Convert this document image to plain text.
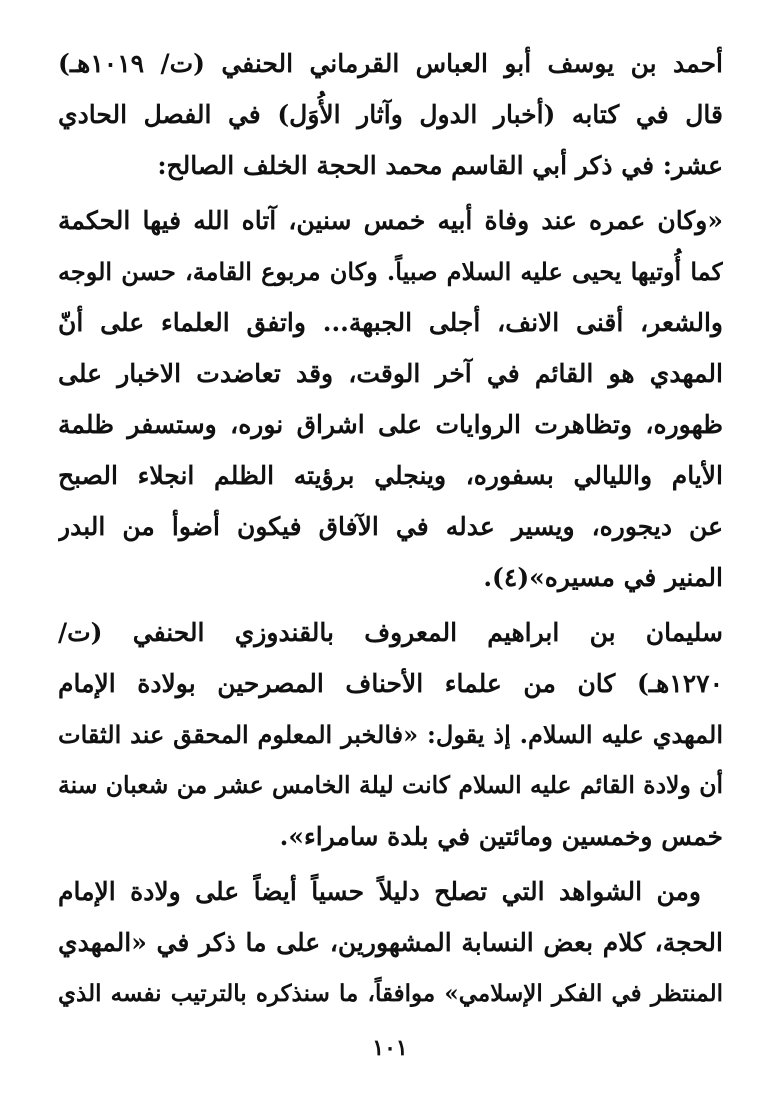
أحمد بن يوسف أبو العباس القرماني الحنفي (ت/ ١٠١٩هـ)
قال في كتابه (أخبار الدول وآثار الأُوَل) في الفصل الحادي
عشر: في ذكر أبي القاسم محمد الحجة الخلف الصالح:
«وكان عمره عند وفاة أبيه خمس سنين، آتاه الله فيها الحكمة
كما أُوتيها يحيى عليه السلام صبياً. وكان مربوع القامة، حسن الوجه
والشعر، أقنى الانف، أجلى الجبهة... واتفق العلماء على أنّ
المهدي هو القائم في آخر الوقت، وقد تعاضدت الاخبار على
ظهوره، وتظاهرت الروايات على اشراق نوره، وستسفر ظلمة
الأيام والليالي بسفوره، وينجلي برؤيته الظلم انجلاء الصبح
عن ديجوره، ويسير عدله في الآفاق فيكون أضوأ من البدر
المنير في مسيره»(٤).
سليمان بن ابراهيم المعروف بالقندوزي الحنفي (ت/
١٢٧٠هـ) كان من علماء الأحناف المصرحين بولادة الإمام
المهدي عليه السلام. إذ يقول: «فالخبر المعلوم المحقق عند الثقات
أن ولادة القائم عليه السلام كانت ليلة الخامس عشر من شعبان سنة
خمس وخمسين ومائتين في بلدة سامراء».
ومن الشواهد التي تصلح دليلاً حسياً أيضاً على ولادة الإمام
الحجة، كلام بعض النسابة المشهورين، على ما ذكر في «المهدي
المنتظر في الفكر الإسلامي» موافقاً، ما سنذكره بالترتيب نفسه الذي
١٠١
